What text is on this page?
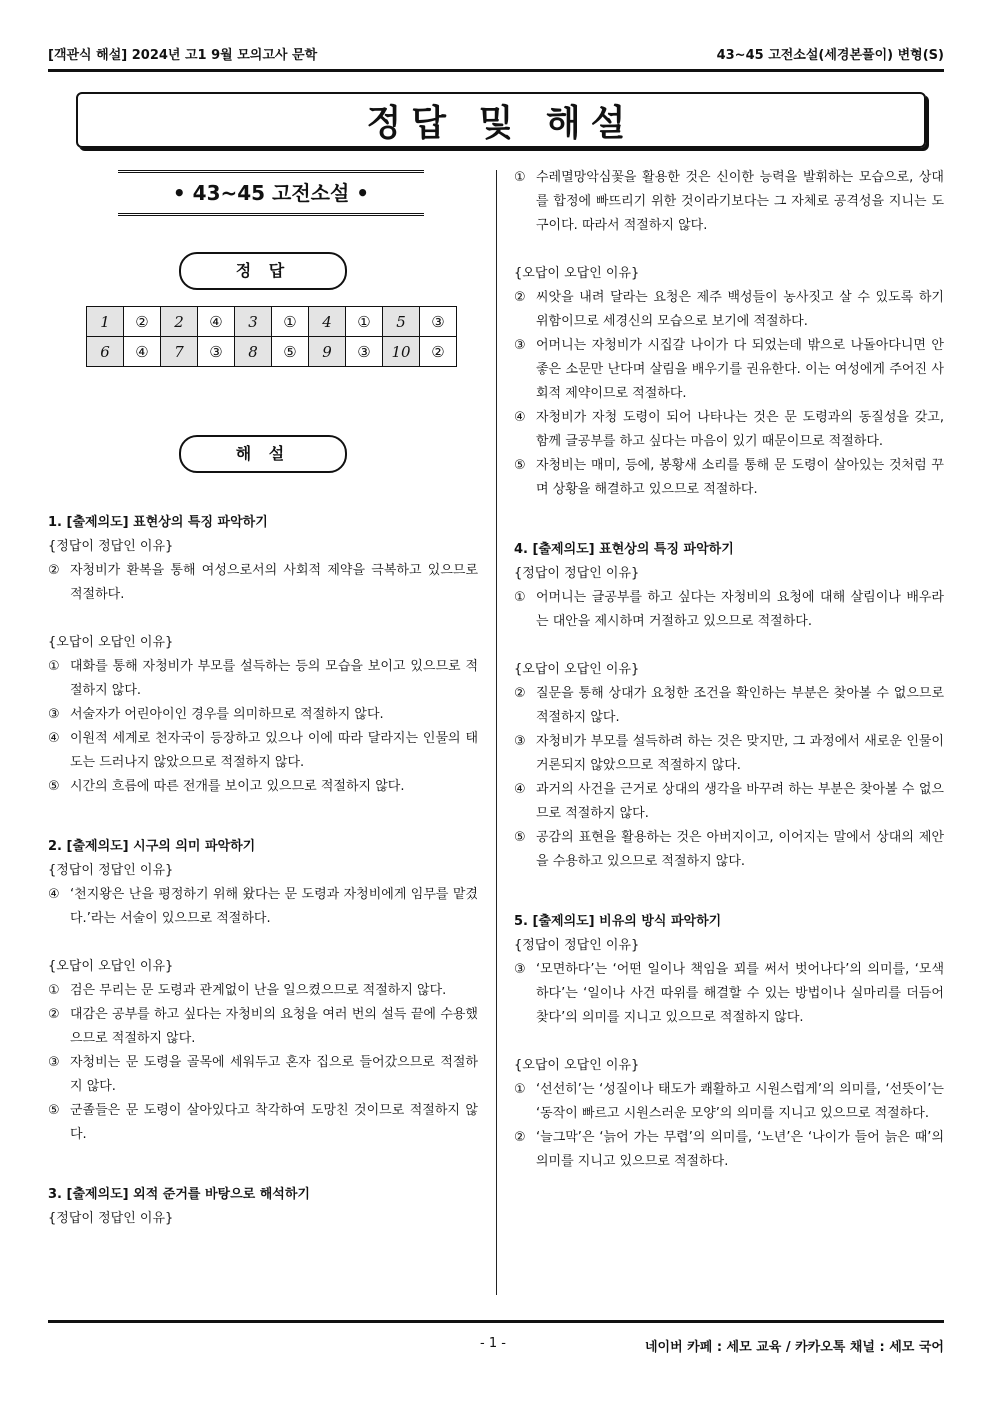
[객관식 해설] 2024년 고1 9월 모의고사 문학	43~45 고전소설(세경본풀이) 변형(S)
정답 및 해설
• 43~45 고전소설 •
정 답
1	②	2	④	3	①	4	①	5	③
6	④	7	③	8	⑤	9	③	10	②
해 설
1. [출제의도] 표현상의 특징 파악하기
{정답이 정답인 이유}
② 자청비가 환복을 통해 여성으로서의 사회적 제약을 극복하고 있으므로 적절하다.
{오답이 오답인 이유}
① 대화를 통해 자청비가 부모를 설득하는 등의 모습을 보이고 있으므로 적절하지 않다.
③ 서술자가 어린아이인 경우를 의미하므로 적절하지 않다.
④ 이원적 세계로 천자국이 등장하고 있으나 이에 따라 달라지는 인물의 태도는 드러나지 않았으므로 적절하지 않다.
⑤ 시간의 흐름에 따른 전개를 보이고 있으므로 적절하지 않다.
2. [출제의도] 시구의 의미 파악하기
{정답이 정답인 이유}
④ ‘천지왕은 난을 평정하기 위해 왔다는 문 도령과 자청비에게 임무를 맡겼다.’라는 서술이 있으므로 적절하다.
{오답이 오답인 이유}
① 검은 무리는 문 도령과 관계없이 난을 일으켰으므로 적절하지 않다.
② 대감은 공부를 하고 싶다는 자청비의 요청을 여러 번의 설득 끝에 수용했으므로 적절하지 않다.
③ 자청비는 문 도령을 골목에 세워두고 혼자 집으로 들어갔으므로 적절하지 않다.
⑤ 군졸들은 문 도령이 살아있다고 착각하여 도망친 것이므로 적절하지 않다.
3. [출제의도] 외적 준거를 바탕으로 해석하기
{정답이 정답인 이유}
① 수레멸망악심꽃을 활용한 것은 신이한 능력을 발휘하는 모습으로, 상대를 합정에 빠뜨리기 위한 것이라기보다는 그 자체로 공격성을 지니는 도구이다. 따라서 적절하지 않다.
{오답이 오답인 이유}
② 씨앗을 내려 달라는 요청은 제주 백성들이 농사짓고 살 수 있도록 하기 위함이므로 세경신의 모습으로 보기에 적절하다.
③ 어머니는 자청비가 시집갈 나이가 다 되었는데 밖으로 나돌아다니면 안 좋은 소문만 난다며 살림을 배우기를 권유한다. 이는 여성에게 주어진 사회적 제약이므로 적절하다.
④ 자청비가 자청 도령이 되어 나타나는 것은 문 도령과의 동질성을 갖고, 함께 글공부를 하고 싶다는 마음이 있기 때문이므로 적절하다.
⑤ 자청비는 매미, 등에, 봉황새 소리를 통해 문 도령이 살아있는 것처럼 꾸며 상황을 해결하고 있으므로 적절하다.
4. [출제의도] 표현상의 특징 파악하기
{정답이 정답인 이유}
① 어머니는 글공부를 하고 싶다는 자청비의 요청에 대해 살림이나 배우라는 대안을 제시하며 거절하고 있으므로 적절하다.
{오답이 오답인 이유}
② 질문을 통해 상대가 요청한 조건을 확인하는 부분은 찾아볼 수 없으므로 적절하지 않다.
③ 자청비가 부모를 설득하려 하는 것은 맞지만, 그 과정에서 새로운 인물이 거론되지 않았으므로 적절하지 않다.
④ 과거의 사건을 근거로 상대의 생각을 바꾸려 하는 부분은 찾아볼 수 없으므로 적절하지 않다.
⑤ 공감의 표현을 활용하는 것은 아버지이고, 이어지는 말에서 상대의 제안을 수용하고 있으므로 적절하지 않다.
5. [출제의도] 비유의 방식 파악하기
{정답이 정답인 이유}
③ ‘모면하다’는 ‘어떤 일이나 책임을 꾀를 써서 벗어나다’의 의미를, ‘모색하다’는 ‘일이나 사건 따위를 해결할 수 있는 방법이나 실마리를 더듬어 찾다’의 의미를 지니고 있으므로 적절하지 않다.
{오답이 오답인 이유}
① ‘선선히’는 ‘성질이나 태도가 쾌활하고 시원스럽게’의 의미를, ‘선뜻이’는 ‘동작이 빠르고 시원스러운 모양’의 의미를 지니고 있으므로 적절하다.
② ‘늘그막’은 ‘늙어 가는 무렵’의 의미를, ‘노년’은 ‘나이가 들어 늙은 때’의 의미를 지니고 있으므로 적절하다.
- 1 -	네이버 카페 : 세모 교육 / 카카오톡 채널 : 세모 국어
